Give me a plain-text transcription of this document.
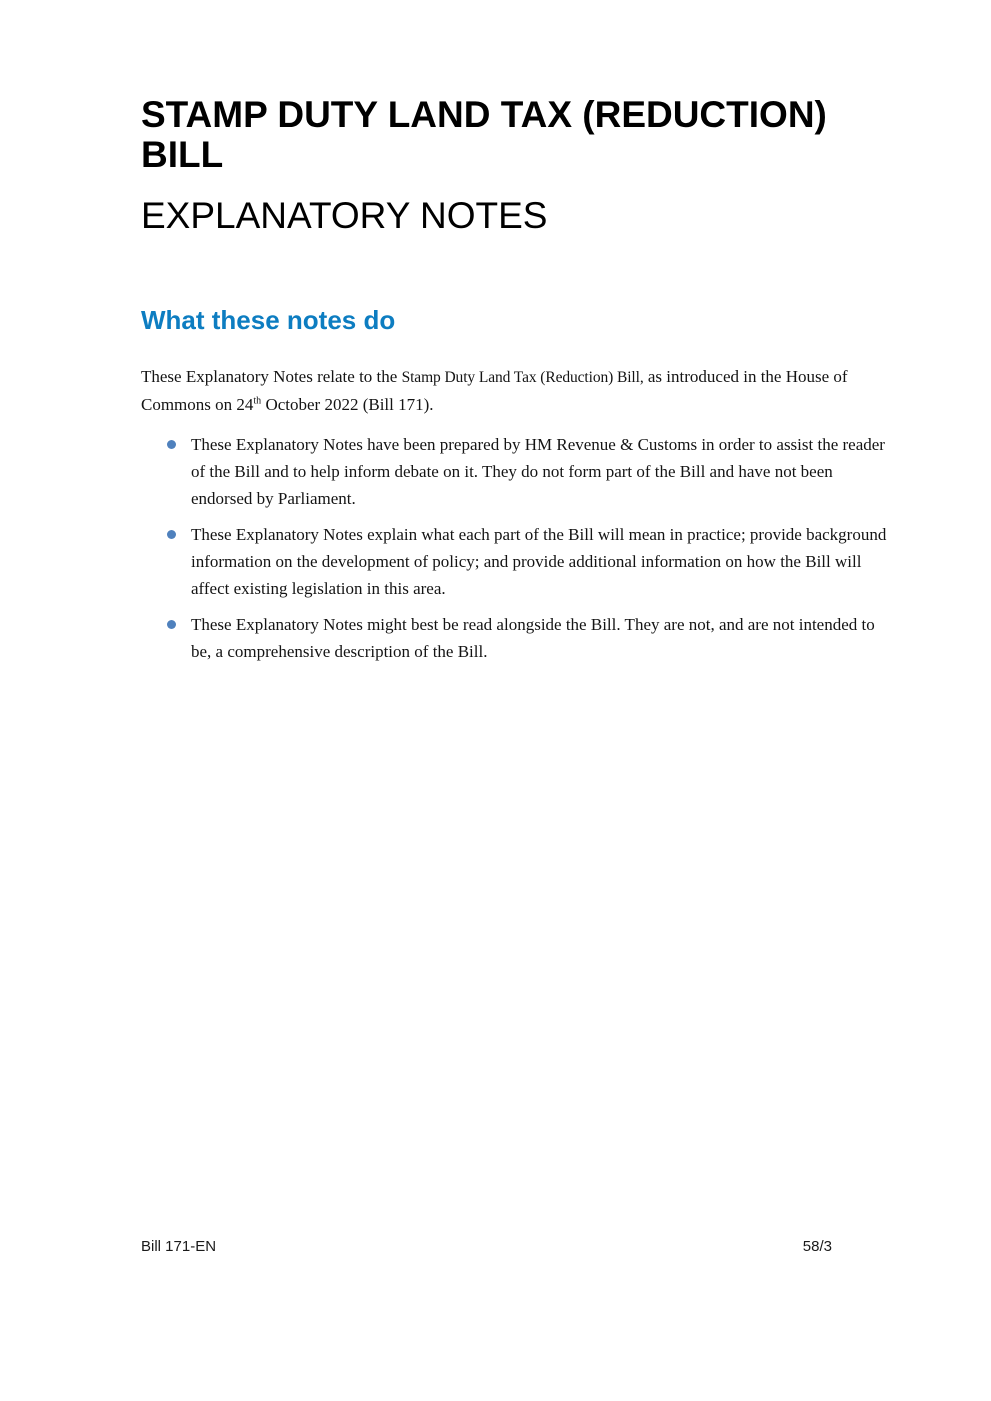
STAMP DUTY LAND TAX (REDUCTION) BILL
EXPLANATORY NOTES
What these notes do

These Explanatory Notes relate to the Stamp Duty Land Tax (Reduction) Bill, as introduced in the House of Commons on 24th October 2022 (Bill 171).

These Explanatory Notes have been prepared by HM Revenue & Customs in order to assist the reader of the Bill and to help inform debate on it. They do not form part of the Bill and have not been endorsed by Parliament.
These Explanatory Notes explain what each part of the Bill will mean in practice; provide background information on the development of policy; and provide additional information on how the Bill will affect existing legislation in this area.
These Explanatory Notes might best be read alongside the Bill. They are not, and are not intended to be, a comprehensive description of the Bill.
Bill 171-EN	58/3
